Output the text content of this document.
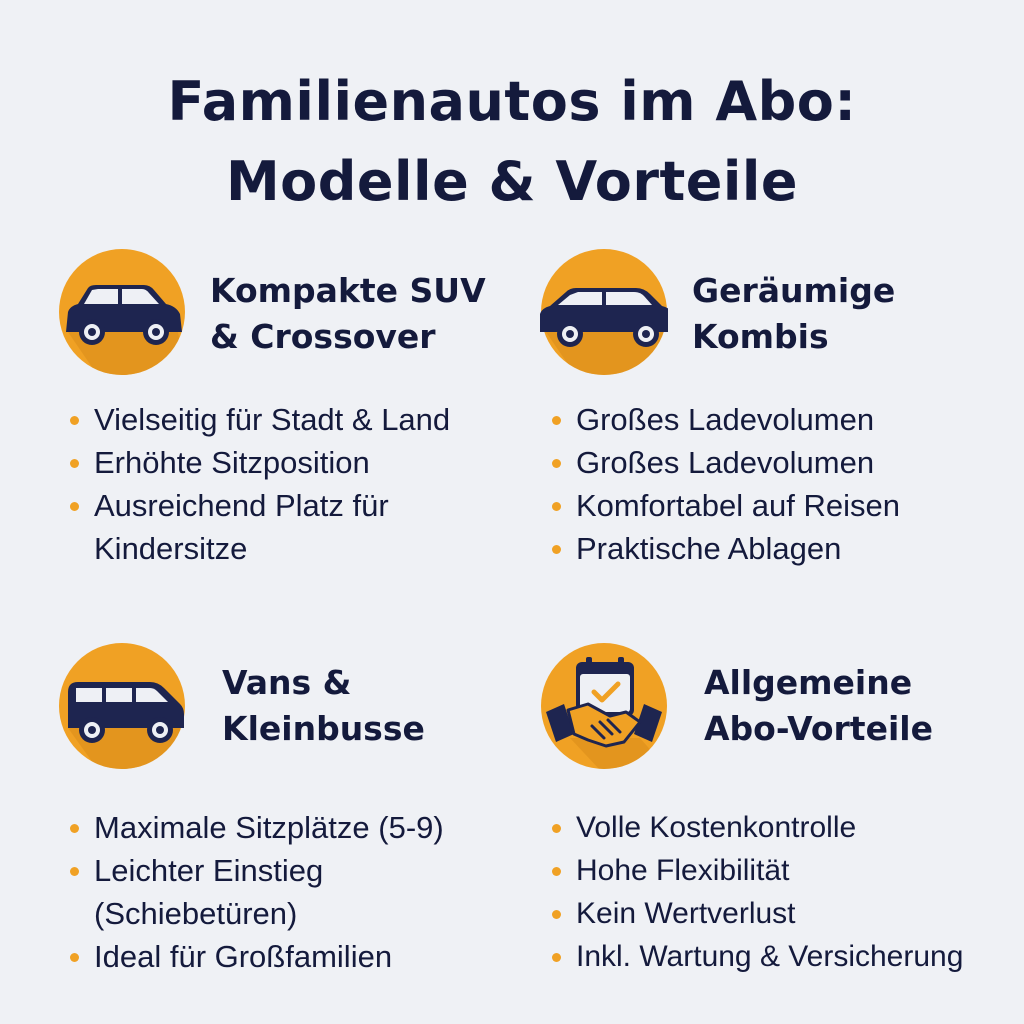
Familienautos im Abo:
Modelle & Vorteile
Kompakte SUV
& Crossover
Vielseitig für Stadt & Land
Erhöhte Sitzposition
Ausreichend Platz für Kindersitze
Geräumige
Kombis
Großes Ladevolumen
Großes Ladevolumen
Komfortabel auf Reisen
Praktische Ablagen
Vans &
Kleinbusse
Maximale Sitzplätze (5-9)
Leichter Einstieg (Schiebetüren)
Ideal für Großfamilien
Allgemeine
Abo-Vorteile
Volle Kostenkontrolle
Hohe Flexibilität
Kein Wertverlust
Inkl. Wartung & Versicherung
